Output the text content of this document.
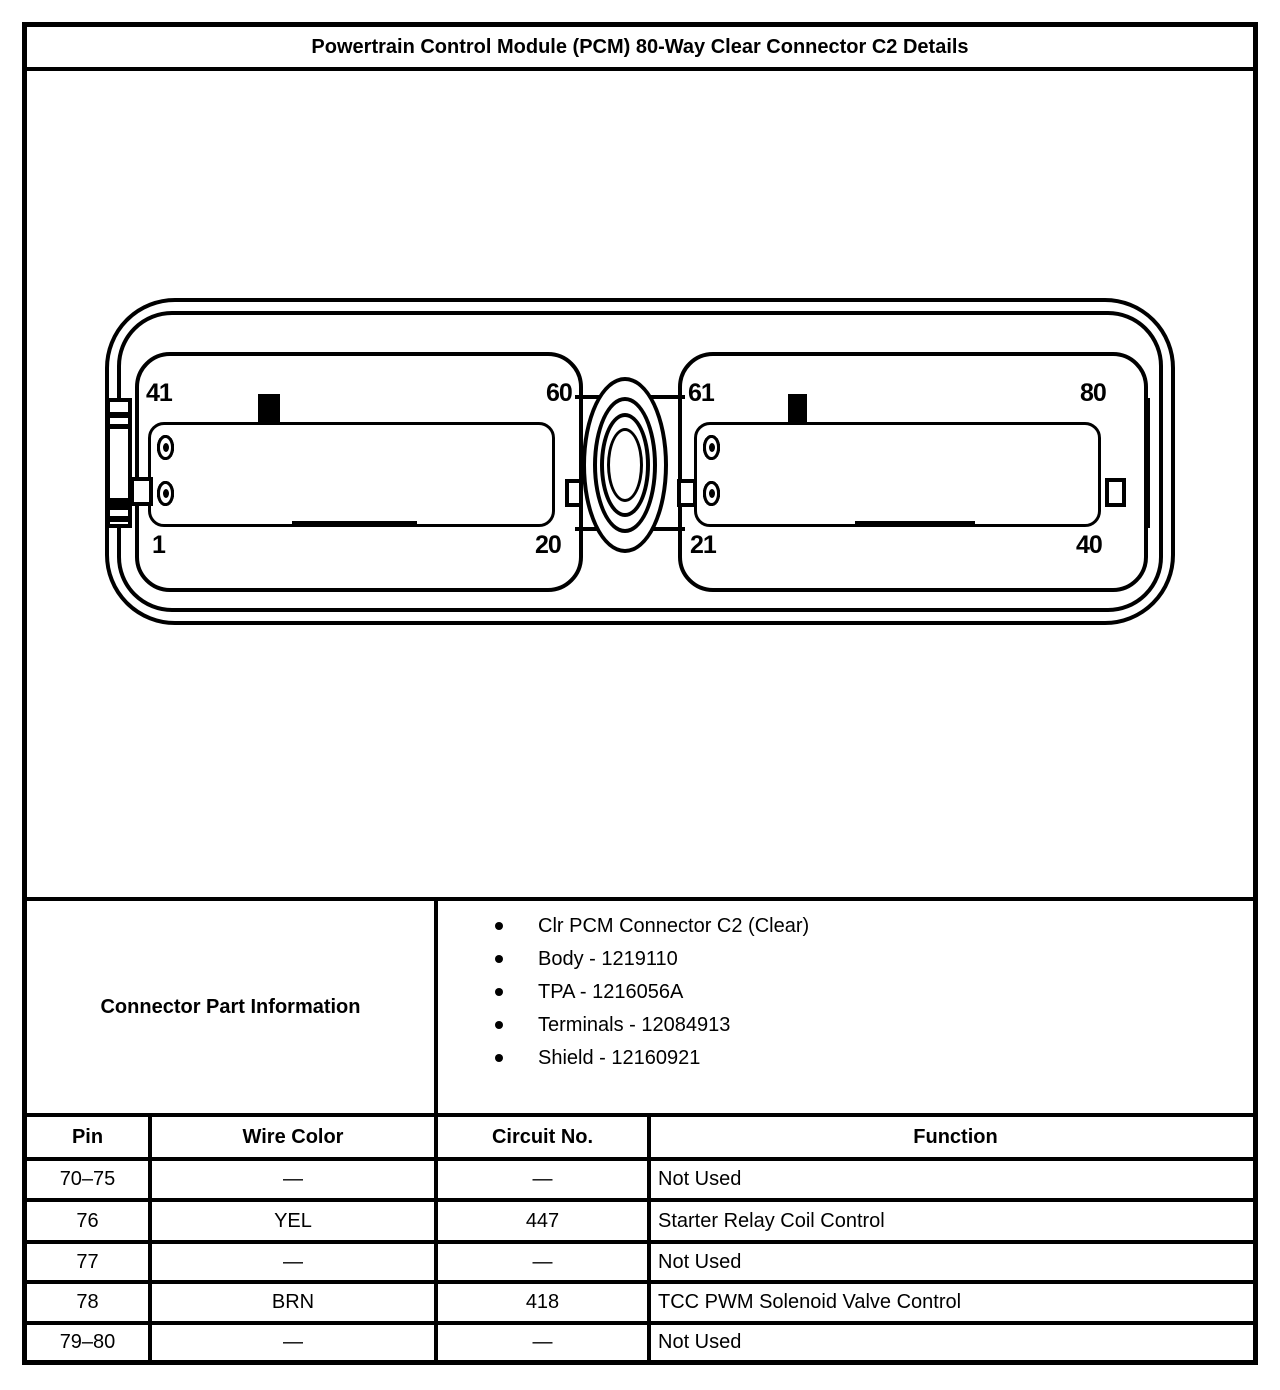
Powertrain Control Module (PCM) 80-Way Clear Connector C2 Details
41	60
1	20
61	80
21	40
Connector Part Information
Clr PCM Connector C2 (Clear)
Body - 1219110
TPA - 1216056A
Terminals - 12084913
Shield - 12160921
Pin	Wire Color	Circuit No.	Function
70–75	—	—	Not Used
76	YEL	447	Starter Relay Coil Control
77	—	—	Not Used
78	BRN	418	TCC PWM Solenoid Valve Control
79–80	—	—	Not Used
